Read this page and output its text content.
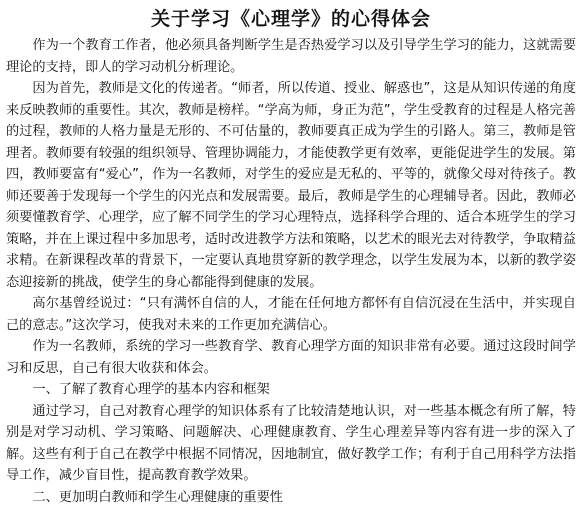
关于学习《心理学》的心得体会

作为一个教育工作者，他必须具备判断学生是否热爱学习以及引导学生学习的能力，这就需要理论的支持，即人的学习动机分析理论。

因为首先，教师是文化的传递者。“师者，所以传道、授业、解惑也”，这是从知识传递的角度来反映教师的重要性。其次，教师是榜样。“学高为师，身正为范”，学生受教育的过程是人格完善的过程，教师的人格力量是无形的、不可估量的，教师要真正成为学生的引路人。第三，教师是管理者。教师要有较强的组织领导、管理协调能力，才能使教学更有效率，更能促进学生的发展。第四，教师要富有“爱心”，作为一名教师，对学生的爱应是无私的、平等的，就像父母对待孩子。教师还要善于发现每一个学生的闪光点和发展需要。最后，教师是学生的心理辅导者。因此，教师必须要懂教育学、心理学，应了解不同学生的学习心理特点，选择科学合理的、适合本班学生的学习策略，并在上课过程中多加思考，适时改进教学方法和策略，以艺术的眼光去对待教学，争取精益求精。在新课程改革的背景下，一定要认真地贯穿新的教学理念，以学生发展为本，以新的教学姿态迎接新的挑战，使学生的身心都能得到健康的发展。

高尔基曾经说过：“只有满怀自信的人，才能在任何地方都怀有自信沉浸在生活中，并实现自己的意志。”这次学习，使我对未来的工作更加充满信心。

作为一名教师，系统的学习一些教育学、教育心理学方面的知识非常有必要。通过这段时间学习和反思，自己有很大收获和体会。

一、了解了教育心理学的基本内容和框架

通过学习，自己对教育心理学的知识体系有了比较清楚地认识，对一些基本概念有所了解，特别是对学习动机、学习策略、问题解决、心理健康教育、学生心理差异等内容有进一步的深入了解。这些有利于自己在教学中根据不同情况，因地制宜，做好教学工作；有利于自己用科学方法指导工作，减少盲目性，提高教育教学效果。

二、更加明白教师和学生心理健康的重要性
